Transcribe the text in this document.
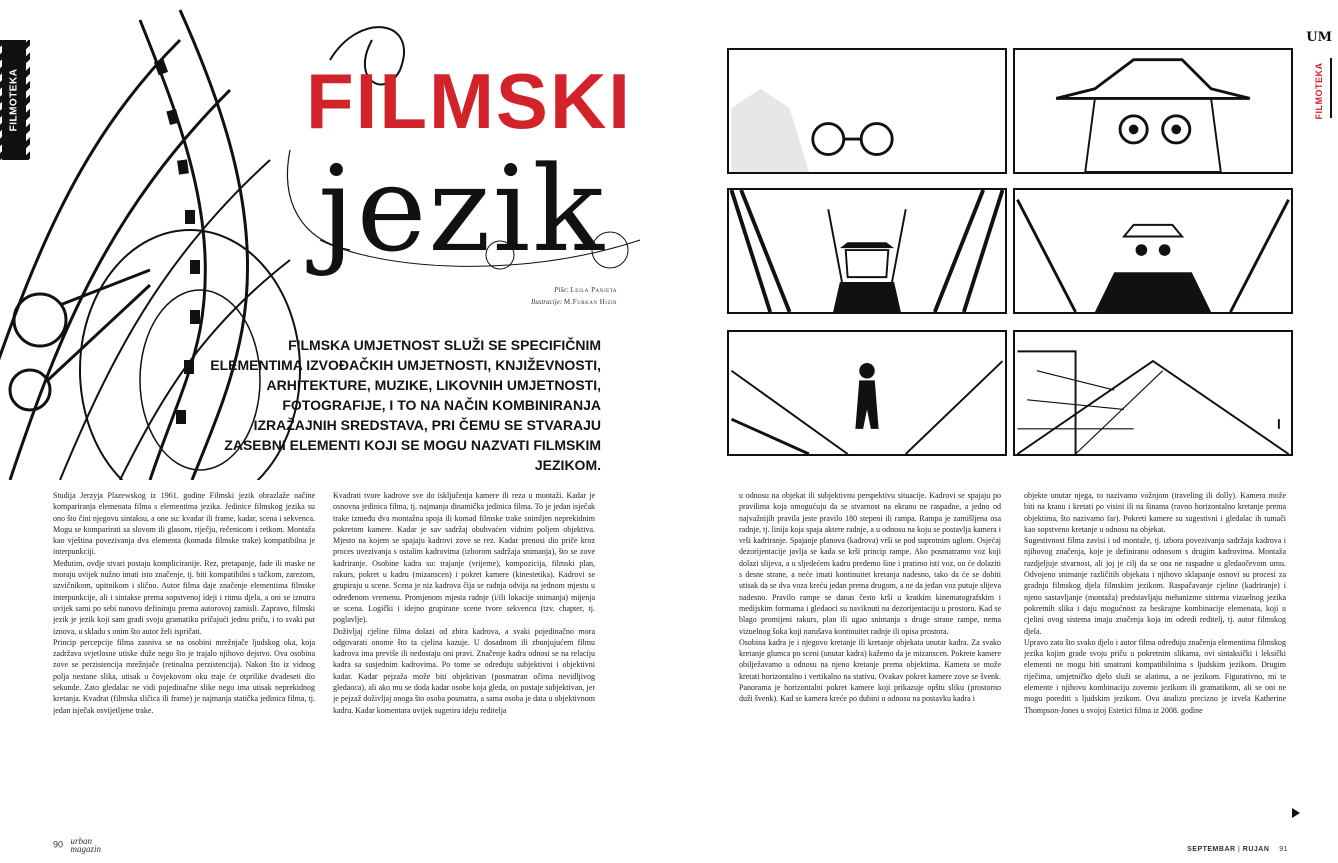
FILMOTEKA	FILMSKI
jezik
Piše: Lejla Panjeta
Ilustracije: M.Furkan Hizir
FILMSKA UMJETNOST SLUŽI SE SPECIFIČNIM ELEMENTIMA IZVOĐAČKIH UMJETNOSTI, KNJIŽEVNOSTI, ARHITEKTURE, MUZIKE, LIKOVNIH UMJETNOSTI, FOTOGRAFIJE, I TO NA NAČIN KOMBINIRANJA IZRAŽAJNIH SREDSTAVA, PRI ČEMU SE STVARAJU ZASEBNI ELEMENTI KOJI SE MOGU NAZVATI FILMSKIM JEZIKOM.

Studija Jerzyja Plazewskog iz 1961. godine Filmski jezik obrazlaže načine kompariranja elemenata filma s elementima jezika. Jedinice filmskog jezika su ono što čini njegovu sintaksu, a one su: kvadar ili frame, kadar, scena i sekvenca. Mogu se komparirati sa slovom ili glasom, riječju, rečenicom i retkom. Montaža kao vještina povezivanja dva elementa (komada filmske trake) kompatibilna je interpunkciji.

Međutim, ovdje stvari postaju kompliciranije. Rez, pretapanje, fade ili maske ne moraju uvijek nužno imati isto značenje, tj. biti kompatibilni s tačkom, zarezom, uzvičnikom, upitnikom i slično. Autor filma daje značenje elementima filmske interpunkcije, ali i sintakse prema sopstvenoj ideji i ritmu djela, a oni se iznutra uvijek sami po sebi nanovo definiraju prema autorovoj zamisli. Zapravo, filmski jezik je jezik koji sam gradi svoju gramatiku pričajući jednu priču, i to svaki put iznova, u skladu s onim što autor želi ispričati.

Princip percepcije filma zasniva se na osobini mrežnjače ljudskog oka, koja zadržava svjetlosne utiske duže nego što je trajalo njihovo dejstvo. Ova osobina zove se perzistencija mrežnjače (retinalna perzistencija). Nakon što iz vidnog polja nestane slika, utisak u čovjekovom oku traje će otprilike dvadeseti dio sekunde. Zato gledalac ne vidi pojedinačne slike nego ima utisak neprekidnog kretanja. Kvadrat (filmska sličica ili frame) je najmanja statička jedinica filma, tj. jedan isječak osvijetljene trake.

Kvadrati tvore kadrove sve do isključenja kamere ili reza u montaži. Kadar je osnovna jedinica filma, tj. najmanja dinamička jedinica filma. To je jedan isječak trake između dva montažna spoja ili komad filmske trake snimljen neprekidnim pokretom kamere. Kadar je sav sadržaj obuhvaćen vidnim poljem objektiva. Mjesto na kojem se spajaju kadrovi zove se rez. Kadar prenosi dio priče kroz proces uvezivanja s ostalim kadrovima (izborom sadržaja snimanja), što se zove kadriranje. Osobine kadra su: trajanje (vrijeme), kompozicija, filmski plan, rakurs, pokret u kadru (mizanscen) i pokret kamere (kinestetika). Kadrovi se grupiraju u scene. Scena je niz kadrova čija se radnja odvija na jednom mjestu u određenom vremenu. Promjenom mjesta radnje (i/ili lokacije snimanja) mijenja se scena. Logički i idejno grupirane scene tvore sekvencu (tzv. chapter, tj. poglavlje).

Doživljaj cjeline filma dolazi od zbira kadrova, a svaki pojedinačno mora odgovarati onome što ta cjelina kazuje. U dosadnom ili zbunjujućem filmu kadrova ima previše ili nedostaju oni pravi. Značenje kadra odnosi se na relaciju kadra sa susjednim kadrovima. Po tome se određuju subjektivni i objektivni kadar. Kadar pejzaža može biti objektivan (posmatran očima nevidljivog gledaoca), ali ako mu se doda kadar osobe koja gleda, on postaje subjektivan, jer je pejzaž doživljaj onoga što osoba posmatra, a sama osoba je data u objektivnom kadru. Kadar komentara uvijek sugerira ideju reditelja

90 urban
magazin

u odnosu na objekat ili subjektivnu perspektivu situacije. Kadrovi se spajaju po pravilima koja omogućuju da se stvarnost na ekranu ne raspadne, a jedno od najvažnijih pravila jeste pravilo 180 stepeni ili rampa. Rampa je zamišljena osa radnje, tj. linija koja spaja aktere radnje, a u odnosu na koju se postavlja kamera i vrši kadriranje. Spajanje planova (kadrova) vrši se pod suprotnim uglom. Osjećaj dezorijentacije javlja se kada se krši princip rampe. Ako posmatramo voz koji dolazi slijeva, a u sljedećem kadru pređemo šine i pratimo isti voz, on će dolaziti s desne strane, a neće imati kontinuitet kretanja nadesno, tako da će se dobiti utisak da se dva voza kreću jedan prema drugom, a ne da jedan voz putuje slijeva nadesno. Pravilo rampe se danas često krši u kratkim kinematografskim i medijskim formama i gledaoci su naviknuti na dezorijentaciju u prostoru. Kad se blago promijeni rakurs, plan ili ugao snimanja s druge strane rampe, nema vizuelnog šoka koji narušava kontinuitet radnje ili opisa prostora.

Osobina kadra je i njegovo kretanje ili kretanje objekata unutar kadra. Za svako kretanje glumca po sceni (unutar kadra) kažemo da je mizanscen. Pokrete kamere obilježavamo u odnosu na njeno kretanje prema objektima. Kamera se može kretati horizontalno i vertikalno na stativu. Ovakav pokret kamere zove se švenk. Panorama je horizontalni pokret kamere koji prikazuje opštu sliku (prostorno duži švenk). Kad se kamera kreće po dubini u odnosu na postavku kadra i

objekte unutar njega, to nazivamo vožnjom (traveling ili dolly). Kamera može biti na kranu i kretati po visini ili na šinama (ravno horizontalno kretanje prema objektima, što nazivamo far). Pokreti kamere su sugestivni i gledalac ih tumači kao sopstveno kretanje u odnosu na objekat.

Sugestivnost filma zavisi i od montaže, tj. izbora povezivanja sadržaja kadrova i njihovog značenja, koje je definirano odnosom s drugim kadrovima. Montaža razdjeljuje stvarnost, ali joj je cilj da se ona ne raspadne u gledaočevom umu. Odvojeno snimanje različitih objekata i njihovo sklapanje osnovi su procesi za gradnju filmskog djela filmskim jezikom. Raspačavanje cjeline (kadriranje) i njeno sastavljanje (montaža) predstavljaju mehanizme sistema vizuelnog jezika pokretnih slika i daju mogućnost za beskrajne kombinacije elemenata, koji u cjelini ovog sistema imaju značenja koja im odredi reditelj, tj. autor filmskog djela.

Upravo zato što svako djelo i autor filma određuju značenja elementima filmskog jezika kojim grade svoju priču u pokretnim slikama, ovi sintaksički i leksički elementi ne mogu biti smatrani kompatibilnima s ljudskim jezikom. Drugim riječima, umjetničko djelo služi se alatima, a ne jezikom. Figurativno, mi te elemente i njihovu kombinaciju zovemo jezikom ili gramatikom, ali se oni ne mogu porediti s ljudskim jezikom. Ovu analizu precizno je izvela Katherine Thompson-Jones u svojoj Estetici filma iz 2008. godine

SEPTEMBAR | RUJAN 91
UM
FILMOTEKA
